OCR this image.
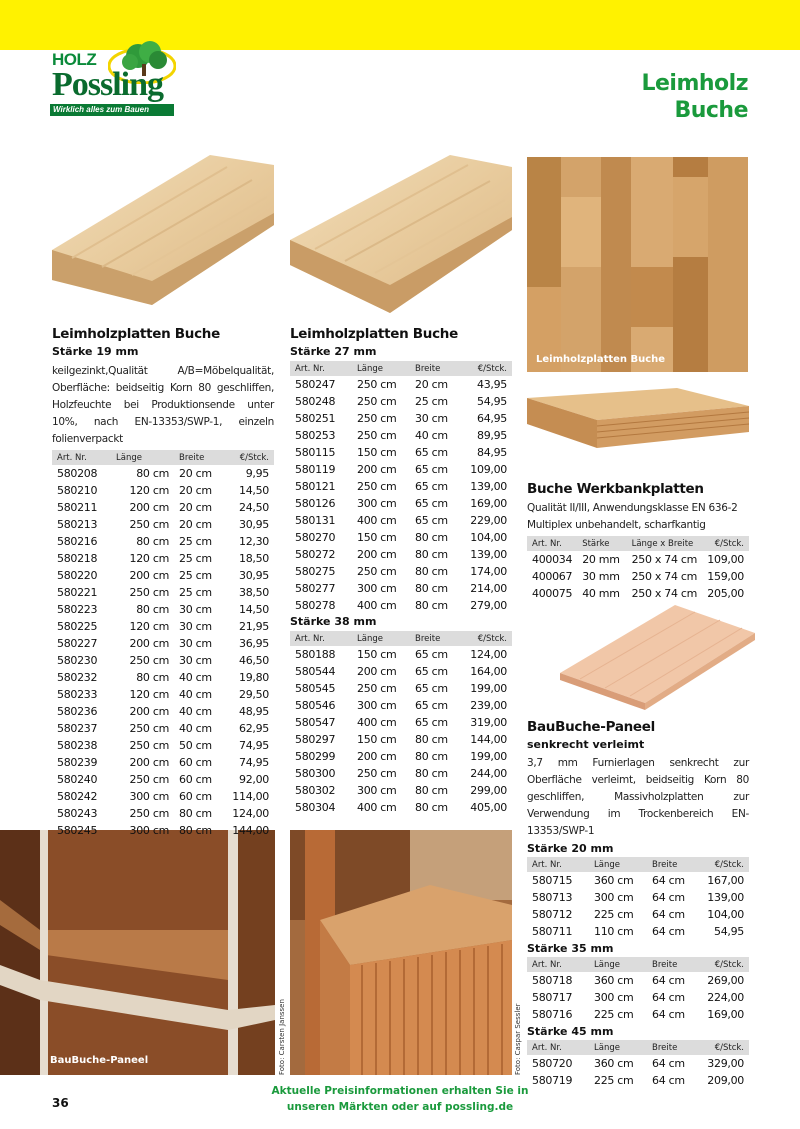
HOLZ
Possling
Wirklich alles zum Bauen
Leimholz
Buche
Leimholzplatten Buche
BauBuche-Paneel	Foto: Carsten Janssen	Foto: Caspar Sessler
Leimholzplatten Buche
Stärke 19 mm
keilgezinkt,Qualität A/B=Möbelqualität, Oberfläche: beidseitig Korn 80 geschliffen, Holzfeuchte bei Produktionsende unter 10%, nach EN-13353/SWP-1, einzeln folienverpackt
Art. Nr.	Länge	Breite	€/Stck.
580208	80 cm	20 cm	9,95
580210	120 cm	20 cm	14,50
580211	200 cm	20 cm	24,50
580213	250 cm	20 cm	30,95
580216	80 cm	25 cm	12,30
580218	120 cm	25 cm	18,50
580220	200 cm	25 cm	30,95
580221	250 cm	25 cm	38,50
580223	80 cm	30 cm	14,50
580225	120 cm	30 cm	21,95
580227	200 cm	30 cm	36,95
580230	250 cm	30 cm	46,50
580232	80 cm	40 cm	19,80
580233	120 cm	40 cm	29,50
580236	200 cm	40 cm	48,95
580237	250 cm	40 cm	62,95
580238	250 cm	50 cm	74,95
580239	200 cm	60 cm	74,95
580240	250 cm	60 cm	92,00
580242	300 cm	60 cm	114,00
580243	250 cm	80 cm	124,00
580245	300 cm	80 cm	144,00
Leimholzplatten Buche
Stärke 27 mm
Art. Nr.	Länge	Breite	€/Stck.
580247	250 cm	20 cm	43,95
580248	250 cm	25 cm	54,95
580251	250 cm	30 cm	64,95
580253	250 cm	40 cm	89,95
580115	150 cm	65 cm	84,95
580119	200 cm	65 cm	109,00
580121	250 cm	65 cm	139,00
580126	300 cm	65 cm	169,00
580131	400 cm	65 cm	229,00
580270	150 cm	80 cm	104,00
580272	200 cm	80 cm	139,00
580275	250 cm	80 cm	174,00
580277	300 cm	80 cm	214,00
580278	400 cm	80 cm	279,00
Stärke 38 mm
Art. Nr.	Länge	Breite	€/Stck.
580188	150 cm	65 cm	124,00
580544	200 cm	65 cm	164,00
580545	250 cm	65 cm	199,00
580546	300 cm	65 cm	239,00
580547	400 cm	65 cm	319,00
580297	150 cm	80 cm	144,00
580299	200 cm	80 cm	199,00
580300	250 cm	80 cm	244,00
580302	300 cm	80 cm	299,00
580304	400 cm	80 cm	405,00
Buche Werkbankplatten
Qualität II/III, Anwendungsklasse EN 636-2 Multiplex unbehandelt, scharfkantig
Art. Nr.	Stärke	Länge x Breite	€/Stck.
400034	20 mm	250 x 74 cm	109,00
400067	30 mm	250 x 74 cm	159,00
400075	40 mm	250 x 74 cm	205,00
BauBuche-Paneel
senkrecht verleimt
3,7 mm Furnierlagen senkrecht zur Oberfläche verleimt, beidseitig Korn 80 geschliffen, Massivholzplatten zur Verwendung im Trockenbereich EN-13353/SWP-1
Stärke 20 mm
Art. Nr.	Länge	Breite	€/Stck.
580715	360 cm	64 cm	167,00
580713	300 cm	64 cm	139,00
580712	225 cm	64 cm	104,00
580711	110 cm	64 cm	54,95
Stärke 35 mm
Art. Nr.	Länge	Breite	€/Stck.
580718	360 cm	64 cm	269,00
580717	300 cm	64 cm	224,00
580716	225 cm	64 cm	169,00
Stärke 45 mm
Art. Nr.	Länge	Breite	€/Stck.
580720	360 cm	64 cm	329,00
580719	225 cm	64 cm	209,00
36
Aktuelle Preisinformationen erhalten Sie in
unseren Märkten oder auf possling.de
